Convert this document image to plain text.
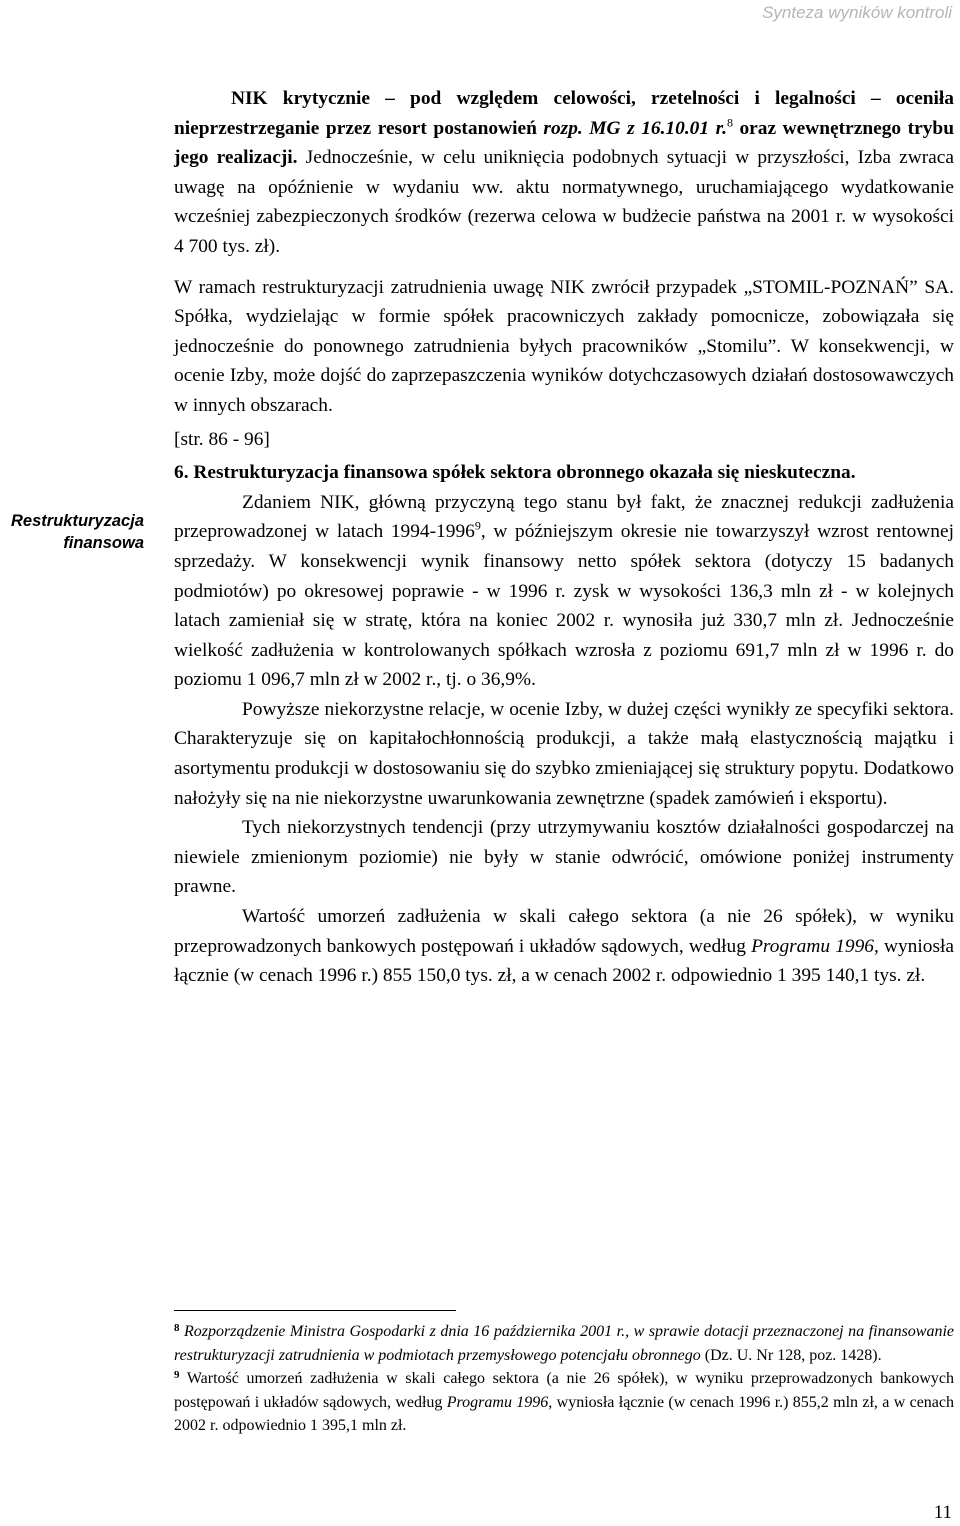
Synteza wyników kontroli
Restrukturyzacja finansowa

NIK krytycznie – pod względem celowości, rzetelności i legalności – oceniła nieprzestrzeganie przez resort postanowień rozp. MG z 16.10.01 r.$^8$ oraz wewnętrznego trybu jego realizacji. Jednocześnie, w celu uniknięcia podobnych sytuacji w przyszłości, Izba zwraca uwagę na opóźnienie w wydaniu ww. aktu normatywnego, uruchamiającego wydatkowanie wcześniej zabezpieczonych środków (rezerwa celowa w budżecie państwa na 2001 r. w wysokości 4 700 tys. zł).

W ramach restrukturyzacji zatrudnienia uwagę NIK zwrócił przypadek „STOMIL-POZNAŃ” SA. Spółka, wydzielając w formie spółek pracowniczych zakłady pomocnicze, zobowiązała się jednocześnie do ponownego zatrudnienia byłych pracowników „Stomilu”. W konsekwencji, w ocenie Izby, może dojść do zaprzepaszczenia wyników dotychczasowych działań dostosowawczych w innych obszarach.

[str. 86 - 96]

6. Restrukturyzacja finansowa spółek sektora obronnego okazała się nieskuteczna.

Zdaniem NIK, główną przyczyną tego stanu był fakt, że znacznej redukcji zadłużenia przeprowadzonej w latach 1994-1996$^9$, w późniejszym okresie nie towarzyszył wzrost rentownej sprzedaży. W konsekwencji wynik finansowy netto spółek sektora (dotyczy 15 badanych podmiotów) po okresowej poprawie - w 1996 r. zysk w wysokości 136,3 mln zł - w kolejnych latach zamieniał się w stratę, która na koniec 2002 r. wynosiła już 330,7 mln zł. Jednocześnie wielkość zadłużenia w kontrolowanych spółkach wzrosła z poziomu 691,7 mln zł w 1996 r. do poziomu 1 096,7 mln zł w 2002 r., tj. o 36,9%.

Powyższe niekorzystne relacje, w ocenie Izby, w dużej części wynikły ze specyfiki sektora. Charakteryzuje się on kapitałochłonnością produkcji, a także małą elastycznością majątku i asortymentu produkcji w dostosowaniu się do szybko zmieniającej się struktury popytu. Dodatkowo nałożyły się na nie niekorzystne uwarunkowania zewnętrzne (spadek zamówień i eksportu).

Tych niekorzystnych tendencji (przy utrzymywaniu kosztów działalności gospodarczej na niewiele zmienionym poziomie) nie były w stanie odwrócić, omówione poniżej instrumenty prawne.

Wartość umorzeń zadłużenia w skali całego sektora (a nie 26 spółek), w wyniku przeprowadzonych bankowych postępowań i układów sądowych, według Programu 1996, wyniosła łącznie (w cenach 1996 r.) 855 150,0 tys. zł, a w cenach 2002 r. odpowiednio 1 395 140,1 tys. zł.

$^8$ Rozporządzenie Ministra Gospodarki z dnia 16 października 2001 r., w sprawie dotacji przeznaczonej na finansowanie restrukturyzacji zatrudnienia w podmiotach przemysłowego potencjału obronnego (Dz. U. Nr 128, poz. 1428).

$^9$ Wartość umorzeń zadłużenia w skali całego sektora (a nie 26 spółek), w wyniku przeprowadzonych bankowych postępowań i układów sądowych, według Programu 1996, wyniosła łącznie (w cenach 1996 r.) 855,2 mln zł, a w cenach 2002 r. odpowiednio 1 395,1 mln zł.

11
